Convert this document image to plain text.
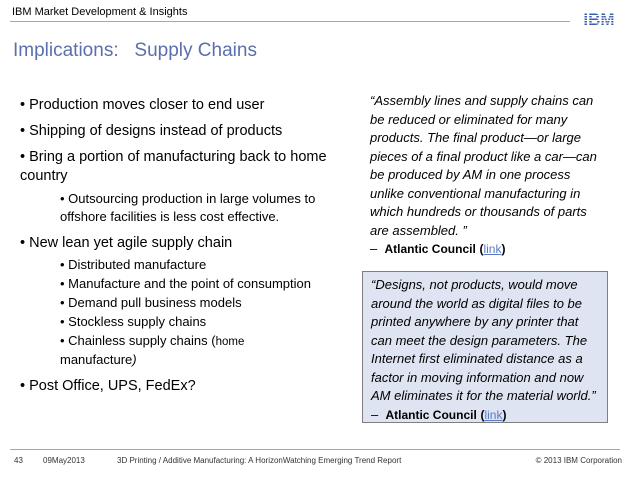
IBM Market Development & Insights	IBM
Implications:   Supply Chains
• Production moves closer to end user
• Shipping of designs instead of products
• Bring a portion of manufacturing back to home country
• Outsourcing production in large volumes to offshore facilities is less cost effective.
• New lean yet agile supply chain
• Distributed manufacture
• Manufacture and the point of consumption
• Demand pull business models
• Stockless supply chains
• Chainless supply chains (home
manufacture)
• Post Office, UPS, FedEx?
“Assembly lines and supply chains can be reduced or eliminated for many products. The final product—or large pieces of a final product like a car—can be produced by AM in one process unlike conventional manufacturing in which hundreds or thousands of parts are assembled. ”
– Atlantic Council (link)
“Designs, not products, would move around the world as digital files to be printed anywhere by any printer that can meet the design parameters. The Internet first eliminated distance as a factor in moving information and now AM eliminates it for the material world.” – Atlantic Council (link)
43	09May2013	3D Printing / Additive Manufacturing: A HorizonWatching Emerging Trend Report	© 2013 IBM Corporation
